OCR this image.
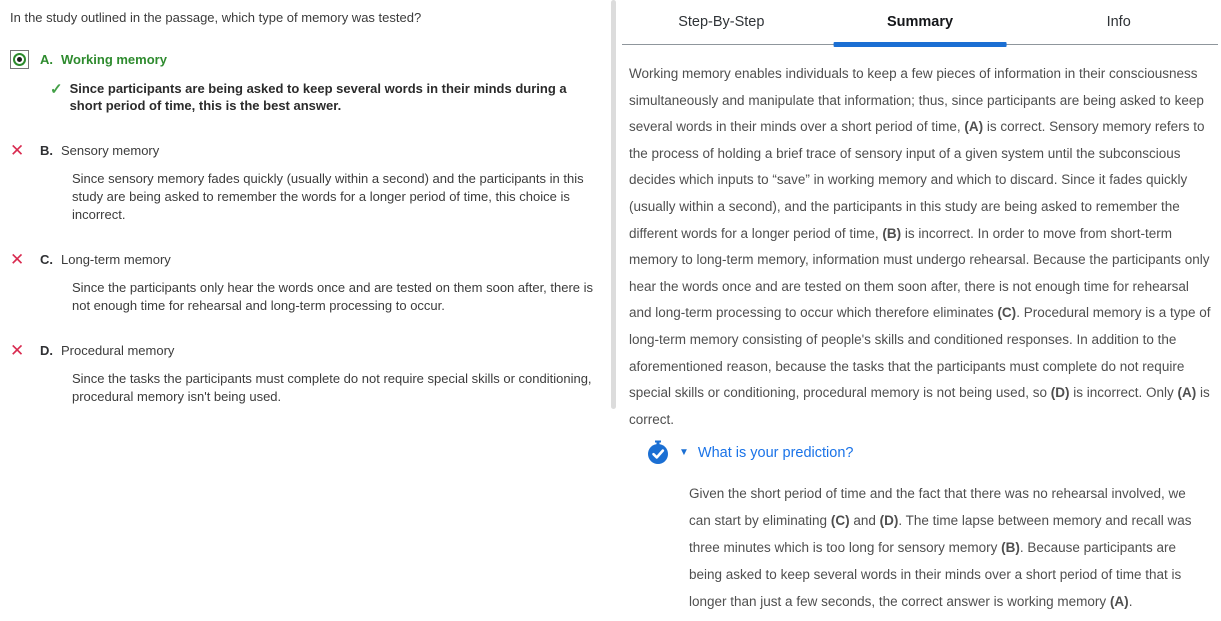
In the study outlined in the passage, which type of memory was tested?
A. Working memory
✓ Since participants are being asked to keep several words in their minds during a short period of time, this is the best answer.
✕ B. Sensory memory
Since sensory memory fades quickly (usually within a second) and the participants in this study are being asked to remember the words for a longer period of time, this choice is incorrect.
✕ C. Long-term memory
Since the participants only hear the words once and are tested on them soon after, there is not enough time for rehearsal and long-term processing to occur.
✕ D. Procedural memory
Since the tasks the participants must complete do not require special skills or conditioning, procedural memory isn't being used.
Step-By-Step	Summary	Info

Working memory enables individuals to keep a few pieces of information in their consciousness simultaneously and manipulate that information; thus, since participants are being asked to keep several words in their minds over a short period of time, (A) is correct. Sensory memory refers to the process of holding a brief trace of sensory input of a given system until the subconscious decides which inputs to “save” in working memory and which to discard. Since it fades quickly (usually within a second), and the participants in this study are being asked to remember the different words for a longer period of time, (B) is incorrect. In order to move from short-term memory to long-term memory, information must undergo rehearsal. Because the participants only hear the words once and are tested on them soon after, there is not enough time for rehearsal and long-term processing to occur which therefore eliminates (C). Procedural memory is a type of long-term memory consisting of people's skills and conditioned responses. In addition to the aforementioned reason, because the tasks that the participants must complete do not require special skills or conditioning, procedural memory is not being used, so (D) is incorrect. Only (A) is correct.

▼ What is your prediction?

Given the short period of time and the fact that there was no rehearsal involved, we can start by eliminating (C) and (D). The time lapse between memory and recall was three minutes which is too long for sensory memory (B). Because participants are being asked to keep several words in their minds over a short period of time that is longer than just a few seconds, the correct answer is working memory (A).
